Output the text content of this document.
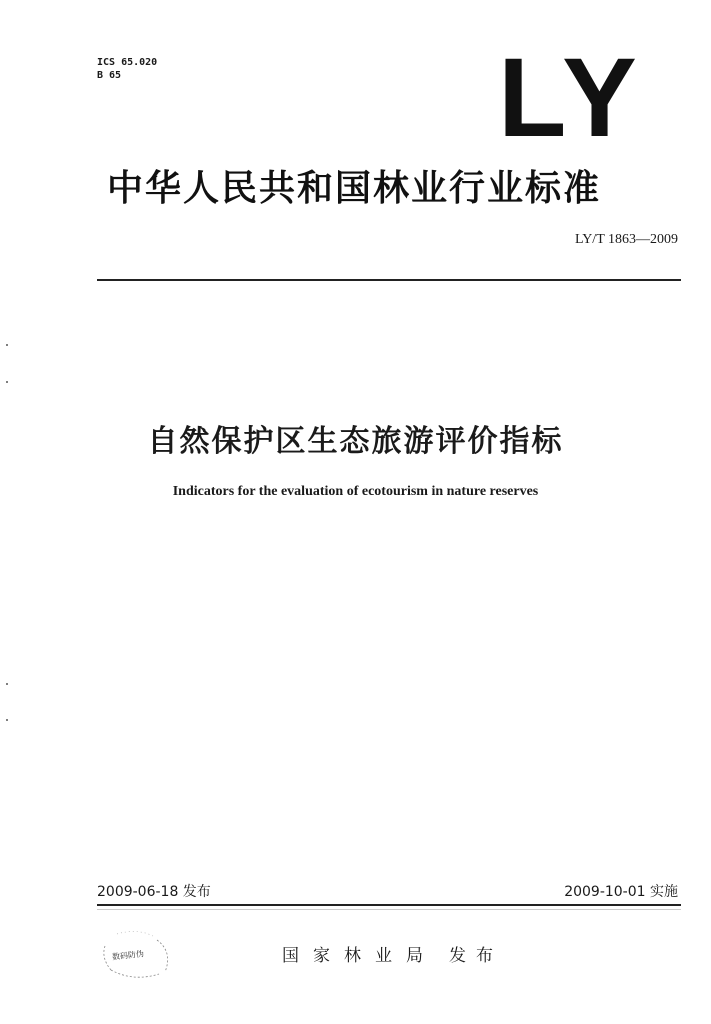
ICS 65.020
B 65	LY
中华人民共和国林业行业标准
LY/T 1863—2009
自然保护区生态旅游评价指标
Indicators for the evaluation of ecotourism in nature reserves
2009-06-18 发布	2009-10-01 实施
数码防伪	国家林业局 发布
